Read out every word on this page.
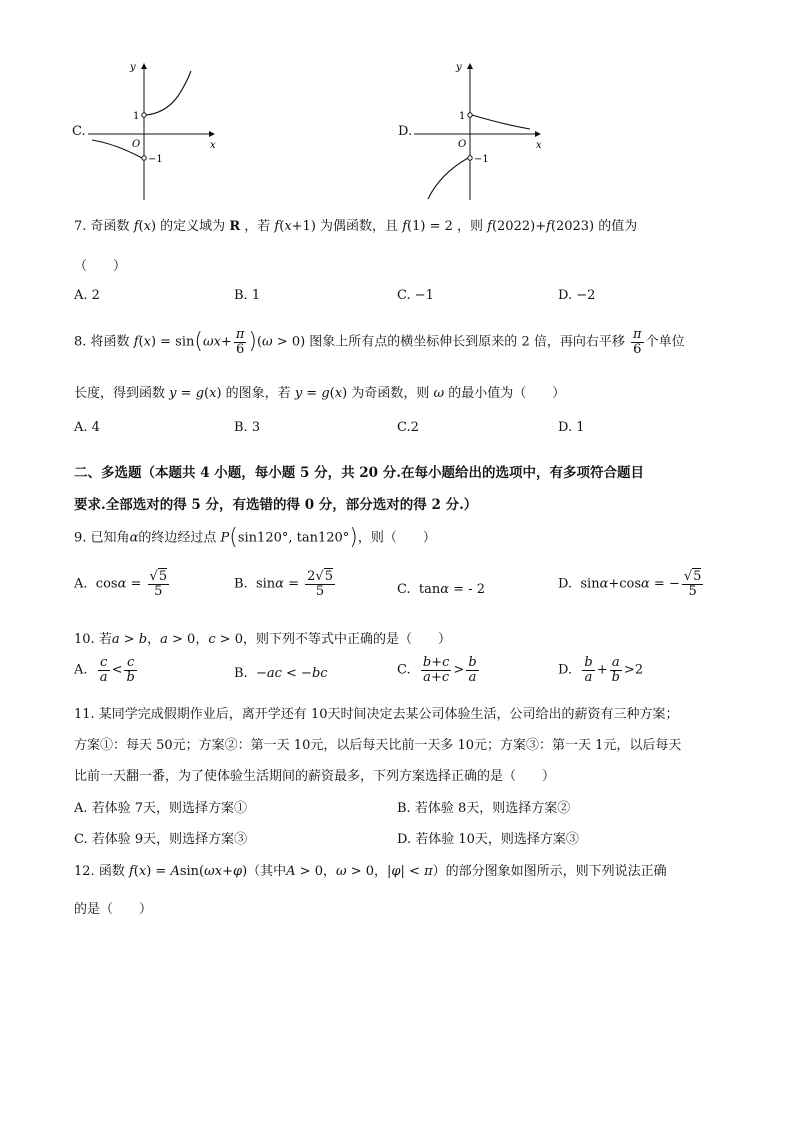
C.
y
x
O
1
−1
D.
y
x
O
1
−1
7. 奇函数 f(x) 的定义域为 R ，若 f(x+1) 为偶函数，且 f(1) = 2 ，则 f(2022)+f(2023) 的值为
（　　）
A. 2	B. 1	C. −1	D. −2
8. 将函数 $f(x) = \sin(\omega x+ \frac{\pi}{6} )(\omega > 0)$ 图象上所有点的横坐标伸长到原来的 2 倍，再向右平移 $\frac{\pi}{6}$ 个单位
长度，得到函数 y = g(x) 的图象，若 y = g(x) 为奇函数，则 ω 的最小值为（　　）
A. 4	B. 3	C.2	D. 1
二、多选题（本题共 4 小题，每小题 5 分，共 20 分.在每小题给出的选项中，有多项符合题目
要求.全部选对的得 5 分，有选错的得 0 分，部分选对的得 2 分.）
9. 已知角α的终边经过点 P(sin120°, tan120°)，则（　　）
A.  $\cos\alpha = \frac{√5}{5}$	B.  $\sin\alpha = \frac{2√5}{5}$	C.  tanα = - 2	D.  sinα+cosα = − $\frac{√5}{5}$
10. 若a > b，a > 0，c > 0，则下列不等式中正确的是（　　）
A. $\frac{c}{a} < \frac{c}{b}$	B.  −ac < −bc	C. $\frac{b+c}{a+c} > \frac{b}{a}$	D. $\frac{b}{a} + \frac{a}{b} >2$
11. 某同学完成假期作业后，离开学还有 10天时间决定去某公司体验生活，公司给出的薪资有三种方案；
方案①：每天 50元；方案②：第一天 10元，以后每天比前一天多 10元；方案③：第一天 1元，以后每天
比前一天翻一番，为了使体验生活期间的薪资最多，下列方案选择正确的是（　　）
A. 若体验 7天，则选择方案①	B. 若体验 8天，则选择方案②
C. 若体验 9天，则选择方案③	D. 若体验 10天，则选择方案③
12. 函数 f(x) = Asin(ωx+φ)（其中A > 0，ω > 0，|φ| < π）的部分图象如图所示，则下列说法正确
的是（　　）
